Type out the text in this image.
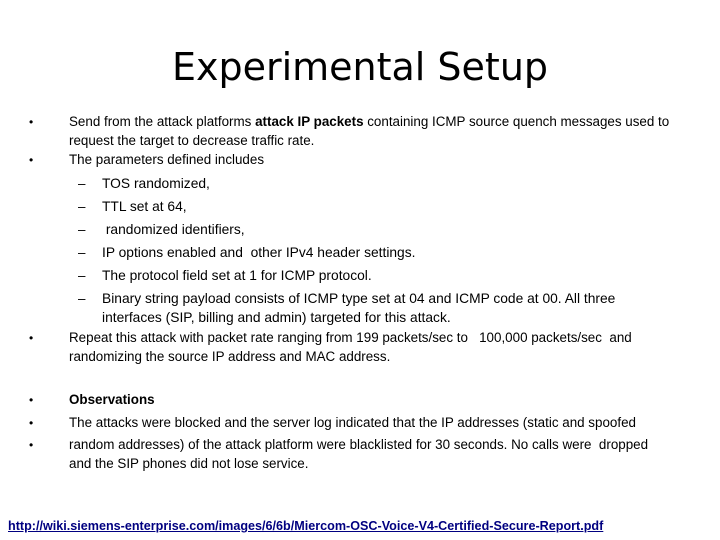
Experimental Setup
•	Send from the attack platforms attack IP packets containing ICMP source quench messages used to
request the target to decrease traffic rate.
•	The parameters defined includes
– TOS randomized,
– TTL set at 64,
– randomized identifiers,
– IP options enabled and  other IPv4 header settings.
– The protocol field set at 1 for ICMP protocol.
– Binary string payload consists of ICMP type set at 04 and ICMP code at 00. All three
interfaces (SIP, billing and admin) targeted for this attack.
•	Repeat this attack with packet rate ranging from 199 packets/sec to   100,000 packets/sec  and
randomizing the source IP address and MAC address.
•	Observations
•	The attacks were blocked and the server log indicated that the IP addresses (static and spoofed
•	random addresses) of the attack platform were blacklisted for 30 seconds. No calls were  dropped
and the SIP phones did not lose service.
http://wiki.siemens-enterprise.com/images/6/6b/Miercom-OSC-Voice-V4-Certified-Secure-Report.pdf
